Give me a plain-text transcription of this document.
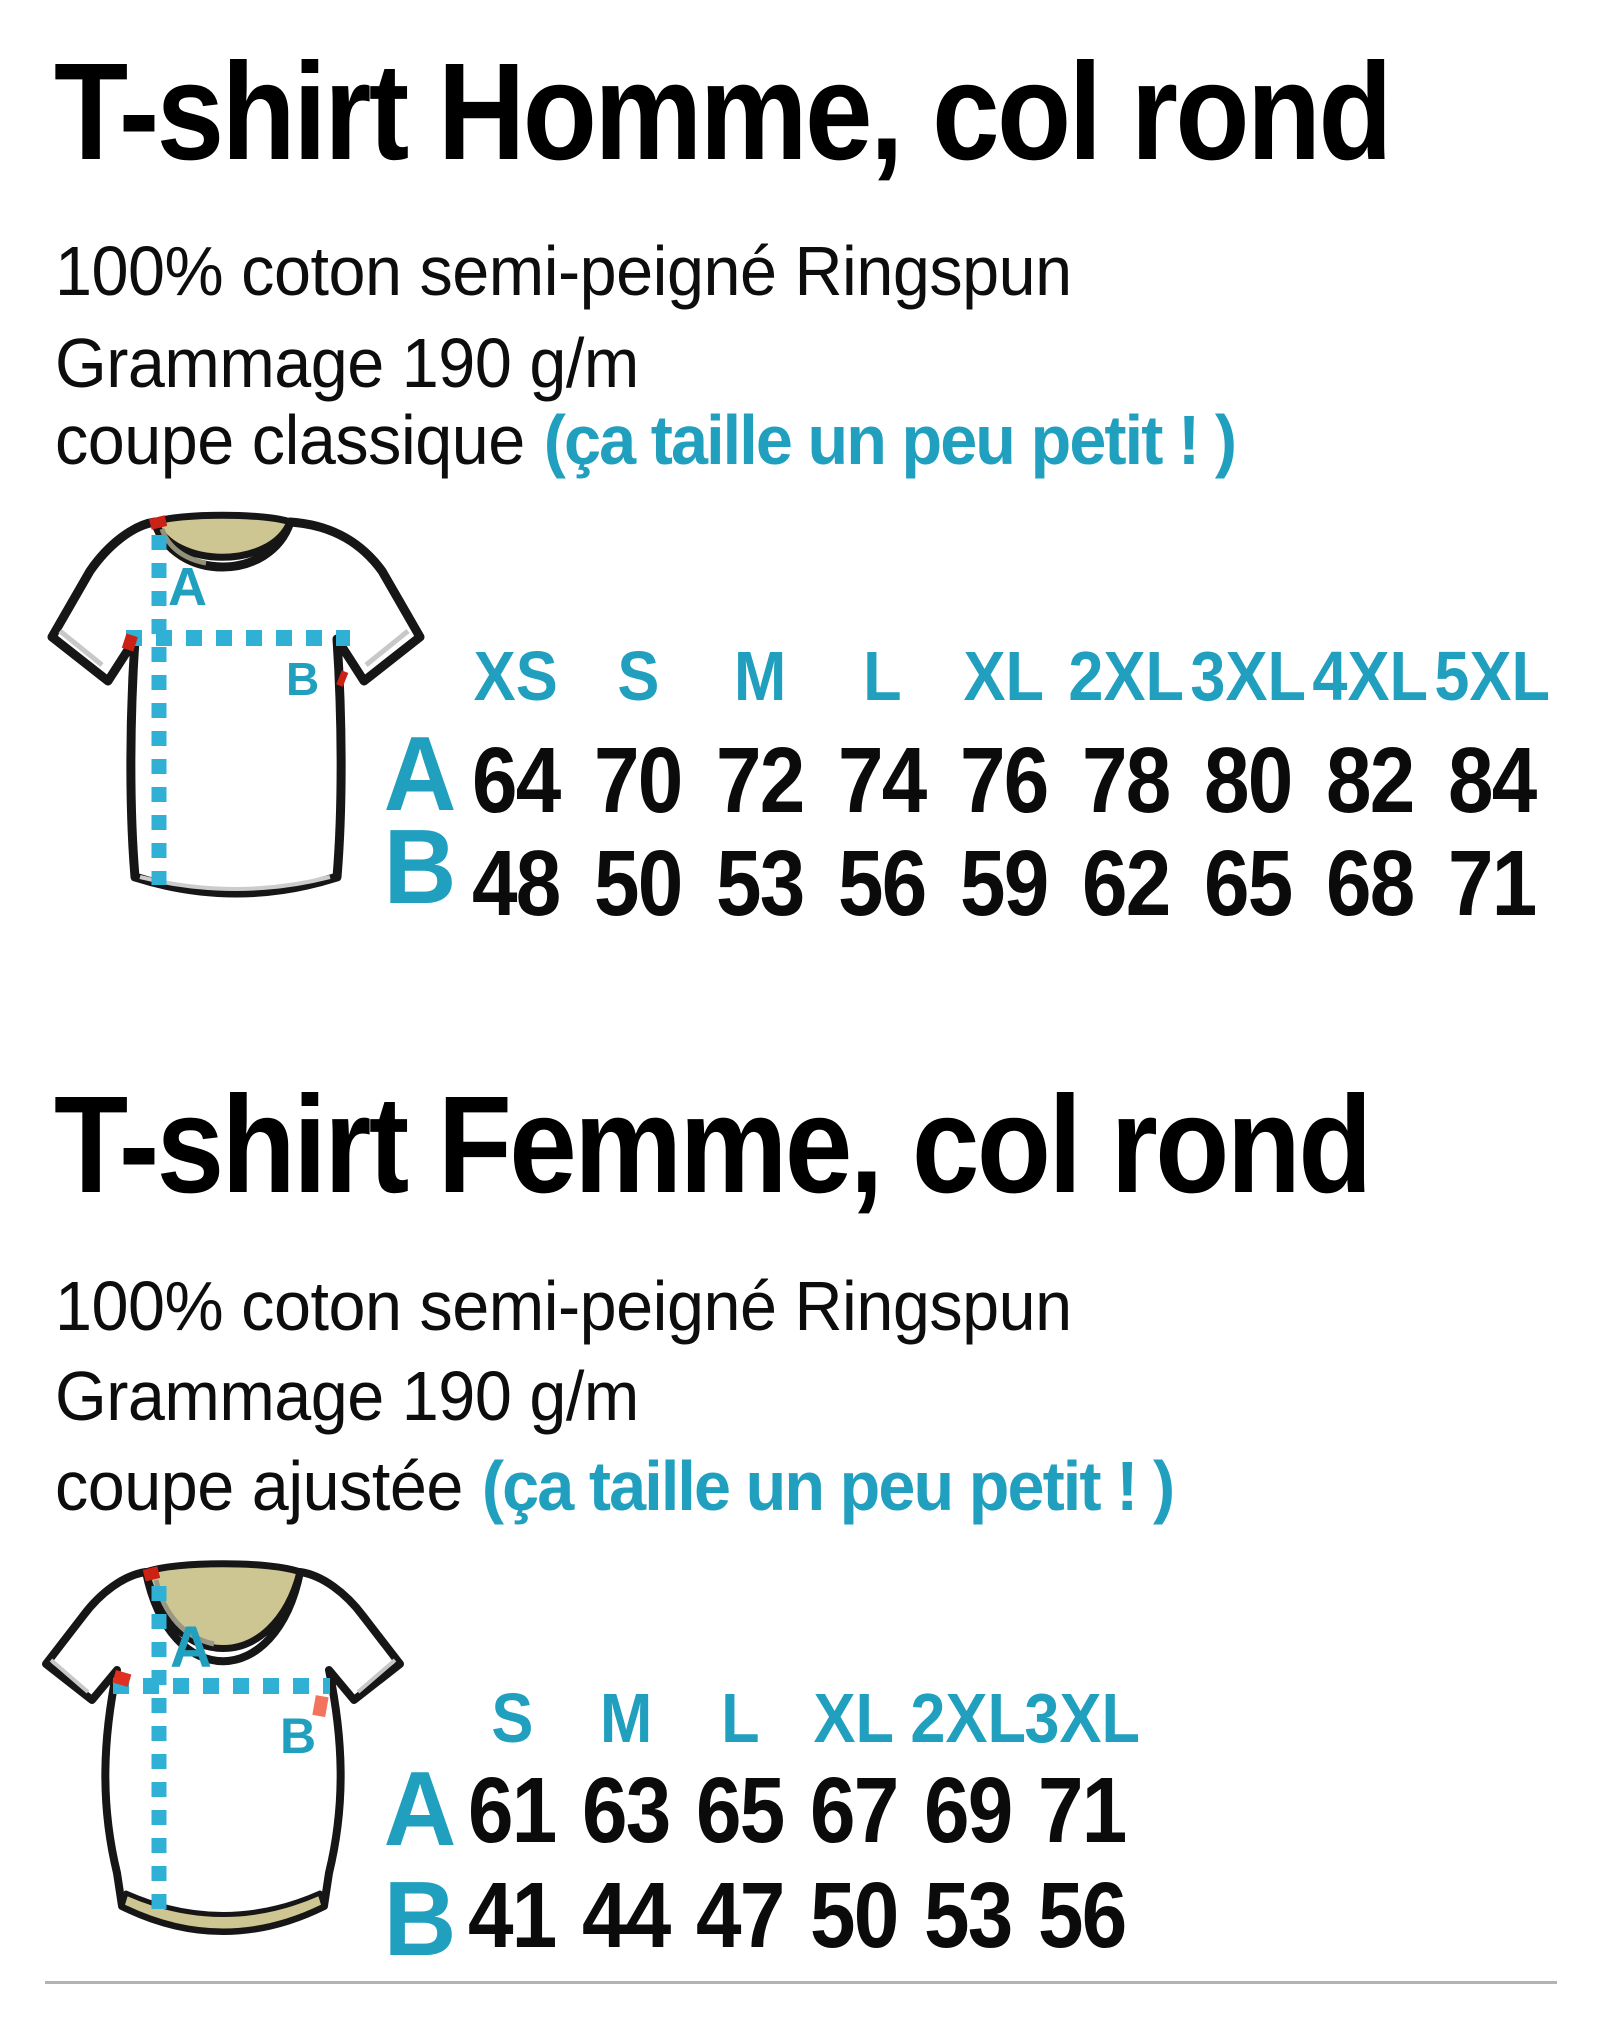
T-shirt Homme, col rond

100% coton semi-peigné Ringspun

Grammage 190 g/m

coupe classique (ça taille un peu petit ! )

A
B XS S M L XL 2XL 3XL 4XL 5XL
A 64 70 72 74 76 78 80 82 84
B 48 50 53 56 59 62 65 68 71
T-shirt Femme, col rond

100% coton semi-peigné Ringspun

Grammage 190 g/m

coupe ajustée (ça taille un peu petit ! )

A
B S M L XL 2XL
3XL
A 61 63 65 67 69 71
B 41 44 47 50 53 56
